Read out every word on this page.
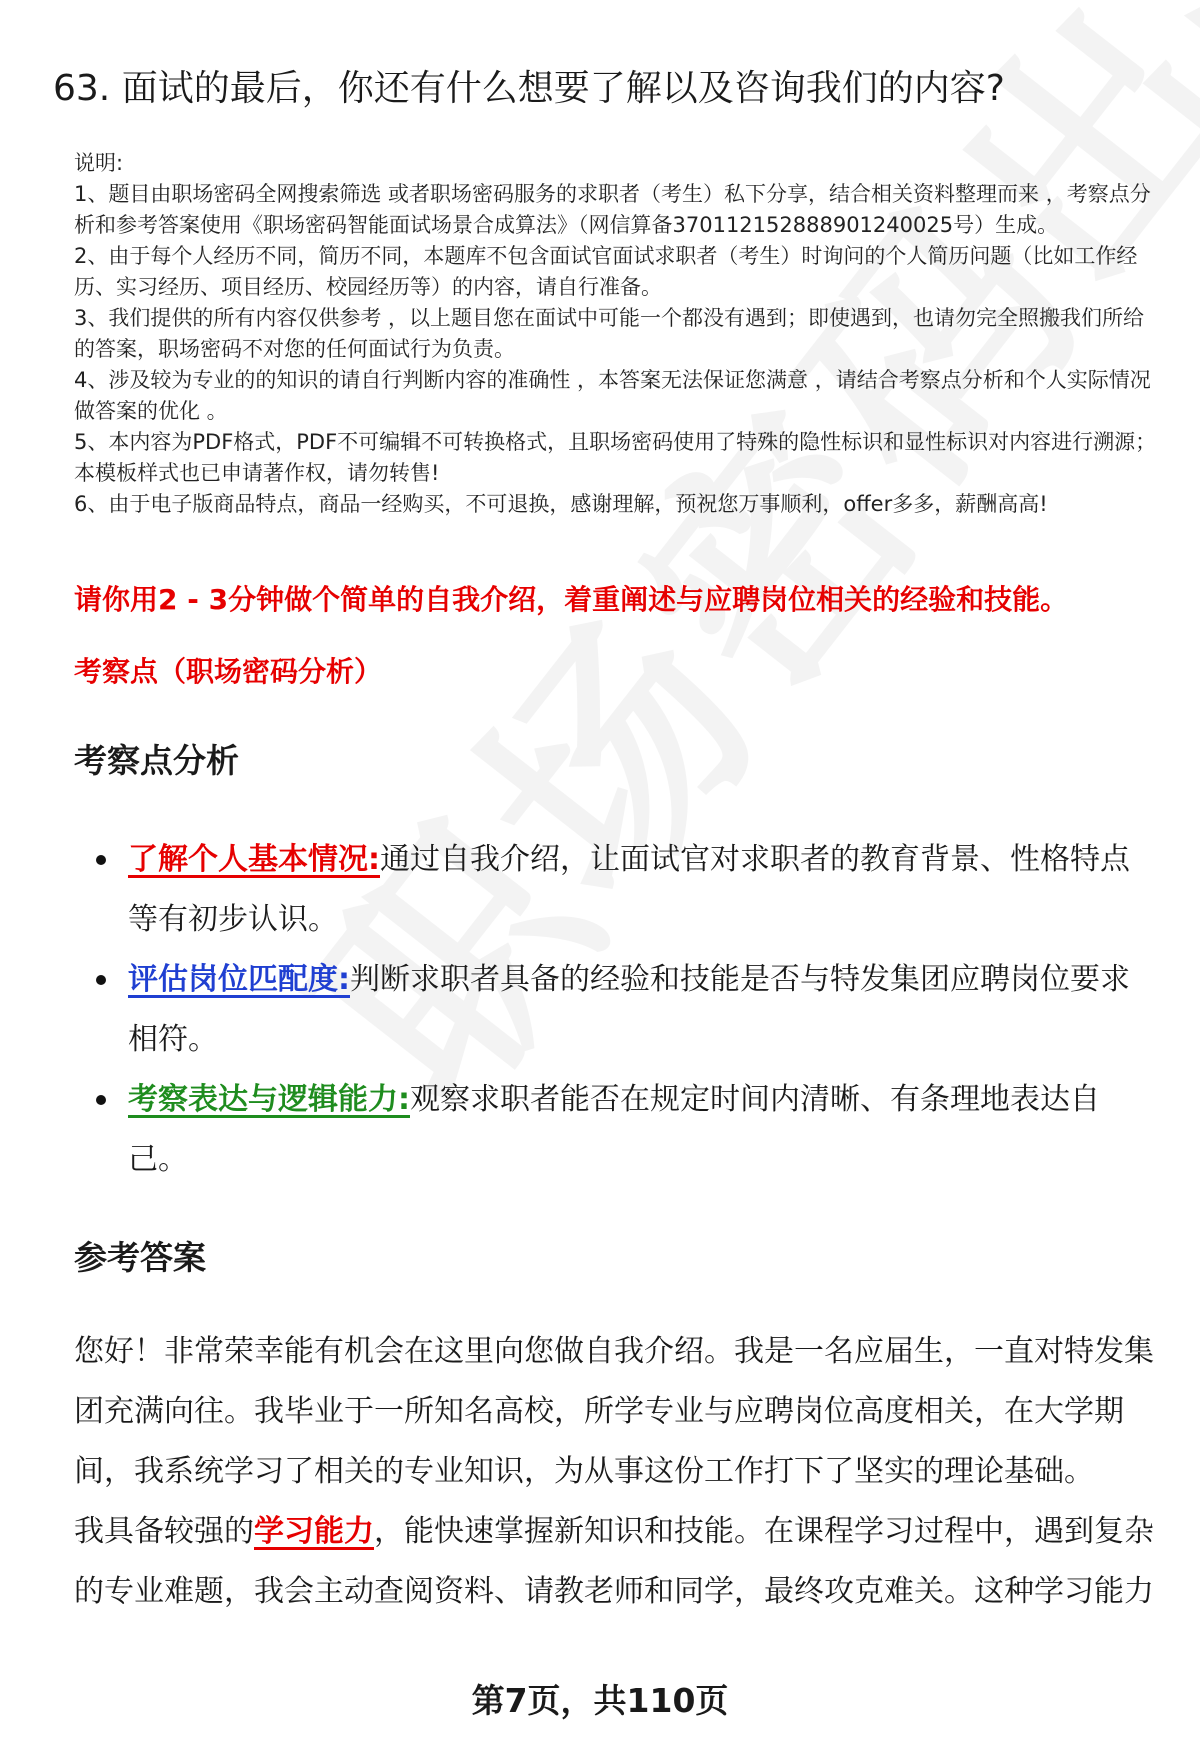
63. 面试的最后，你还有什么想要了解以及咨询我们的内容?

说明:

1、题目由职场密码全网搜索筛选 或者职场密码服务的求职者（考生）私下分享，结合相关资料整理而来 ，考察点分析和参考答案使用《职场密码智能面试场景合成算法》（网信算备370112152888901240025号）生成。

2、由于每个人经历不同，简历不同，本题库不包含面试官面试求职者（考生）时询问的个人简历问题（比如工作经历、实习经历、项目经历、校园经历等）的内容，请自行准备。

3、我们提供的所有内容仅供参考 ，以上题目您在面试中可能一个都没有遇到；即使遇到，也请勿完全照搬我们所给的答案，职场密码不对您的任何面试行为负责。

4、涉及较为专业的的知识的请自行判断内容的准确性 ，本答案无法保证您满意 ，请结合考察点分析和个人实际情况做答案的优化 。

5、本内容为PDF格式，PDF不可编辑不可转换格式，且职场密码使用了特殊的隐性标识和显性标识对内容进行溯源；本模板样式也已申请著作权，请勿转售!

6、由于电子版商品特点，商品一经购买，不可退换，感谢理解，预祝您万事顺利，offer多多，薪酬高高!

请你用2 - 3分钟做个简单的自我介绍，着重阐述与应聘岗位相关的经验和技能。
考察点（职场密码分析）
考察点分析
了解个人基本情况:通过自我介绍，让面试官对求职者的教育背景、性格特点等有初步认识。
评估岗位匹配度:判断求职者具备的经验和技能是否与特发集团应聘岗位要求相符。
考察表达与逻辑能力:观察求职者能否在规定时间内清晰、有条理地表达自己。
参考答案

您好！非常荣幸能有机会在这里向您做自我介绍。我是一名应届生，一直对特发集团充满向往。我毕业于一所知名高校，所学专业与应聘岗位高度相关，在大学期间，我系统学习了相关的专业知识，为从事这份工作打下了坚实的理论基础。

我具备较强的学习能力，能快速掌握新知识和技能。在课程学习过程中，遇到复杂的专业难题，我会主动查阅资料、请教老师和同学，最终攻克难关。这种学习能力

第7页，共110页
